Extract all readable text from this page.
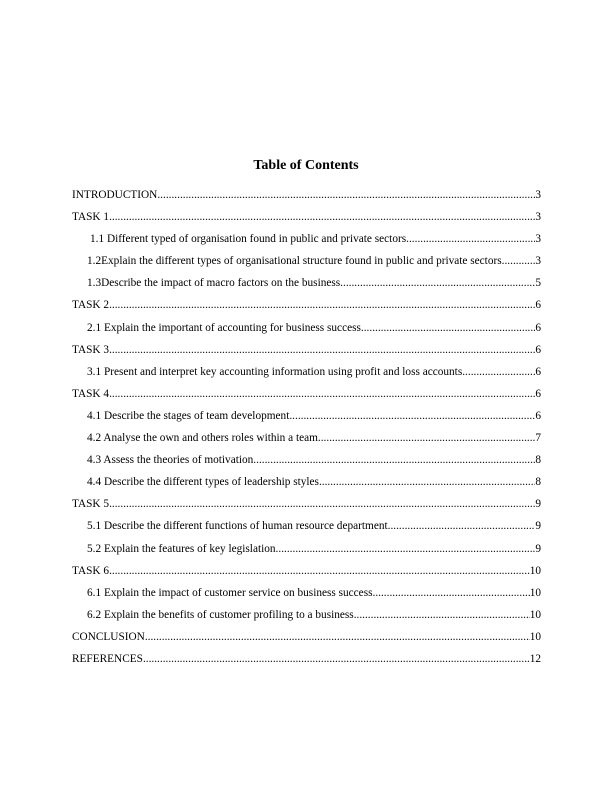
Table of Contents
INTRODUCTION .....	3
TASK 1 .....	3
1.1 Different typed of organisation found in public and private sectors .....	3
1.2Explain the different types of organisational structure found in public and private sectors .....	3
1.3Describe the impact of macro factors on the business .....	5
TASK 2 .....	6
2.1 Explain the important of accounting for business success. .....	6
TASK 3 .....	6
3.1 Present and interpret key accounting information using profit and loss accounts .....	6
TASK 4 .....	6
4.1 Describe the stages of team development .....	6
4.2 Analyse the own and others roles within a team. .....	7
4.3 Assess the theories of motivation. .....	8
4.4 Describe the different types of leadership styles .....	8
TASK 5 .....	9
5.1 Describe the different functions of human resource department. .....	9
5.2 Explain the features of key legislation .....	9
TASK 6 .....	10
6.1 Explain the impact of customer service on business success. .....	10
6.2 Explain the benefits of customer profiling to a business .....	10
CONCLUSION .....	10
REFERENCES .....	12
